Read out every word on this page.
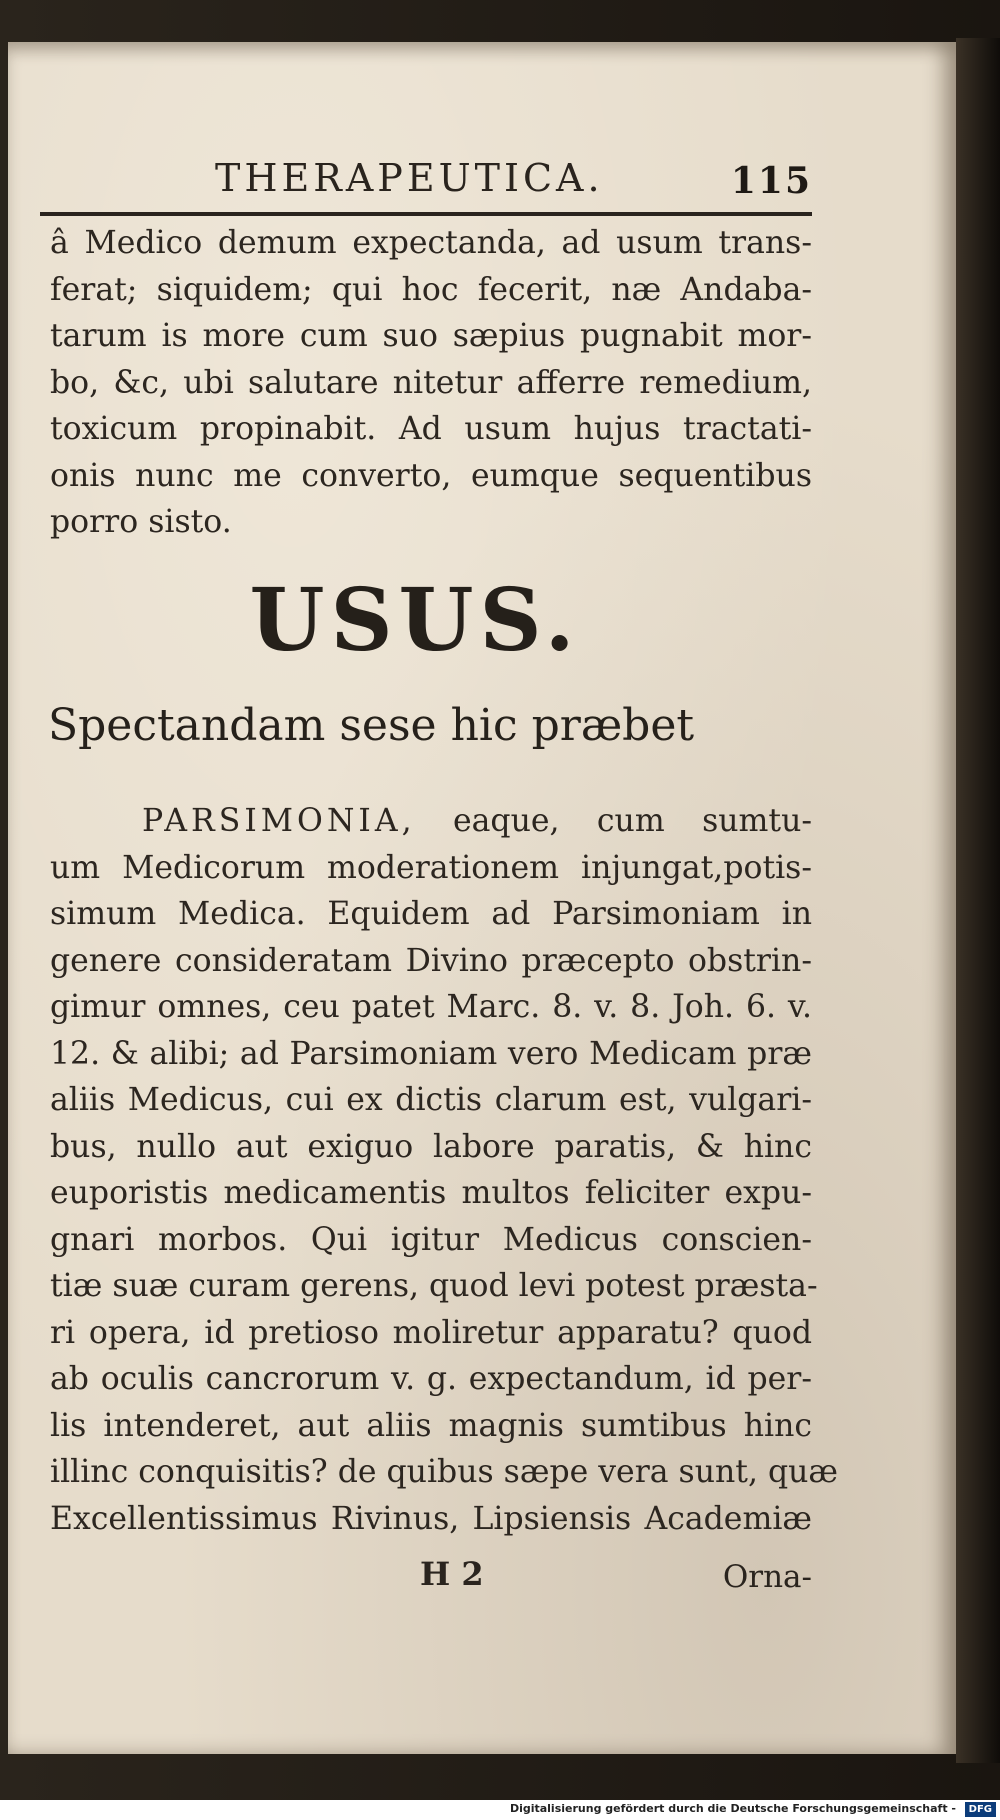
THERAPEUTICA.	115
â Medico demum expectanda, ad usum trans-
ferat; siquidem; qui hoc fecerit, næ Andaba-
tarum is more cum suo sæpius pugnabit mor-
bo, &c, ubi salutare nitetur afferre remedium,
toxicum propinabit. Ad usum hujus tractati-
onis nunc me converto, eumque sequentibus
porro sisto.
USUS.
Spectandam sese hic præbet
PARSIMONIA, eaque, cum sumtu-
um Medicorum moderationem injungat,potis-
simum Medica. Equidem ad Parsimoniam in
genere consideratam Divino præcepto obstrin-
gimur omnes, ceu patet Marc. 8. v. 8. Joh. 6. v.
12. & alibi; ad Parsimoniam vero Medicam præ
aliis Medicus, cui ex dictis clarum est, vulgari-
bus, nullo aut exiguo labore paratis, & hinc
euporistis medicamentis multos feliciter expu-
gnari morbos. Qui igitur Medicus conscien-
tiæ suæ curam gerens, quod levi potest præsta-
ri opera, id pretioso moliretur apparatu? quod
ab oculis cancrorum v. g. expectandum, id per-
lis intenderet, aut aliis magnis sumtibus hinc
illinc conquisitis? de quibus sæpe vera sunt, quæ
Excellentissimus Rivinus, Lipsiensis Academiæ
H 2	Orna-
Digitalisierung gefördert durch die Deutsche Forschungsgemeinschaft -	DFG
